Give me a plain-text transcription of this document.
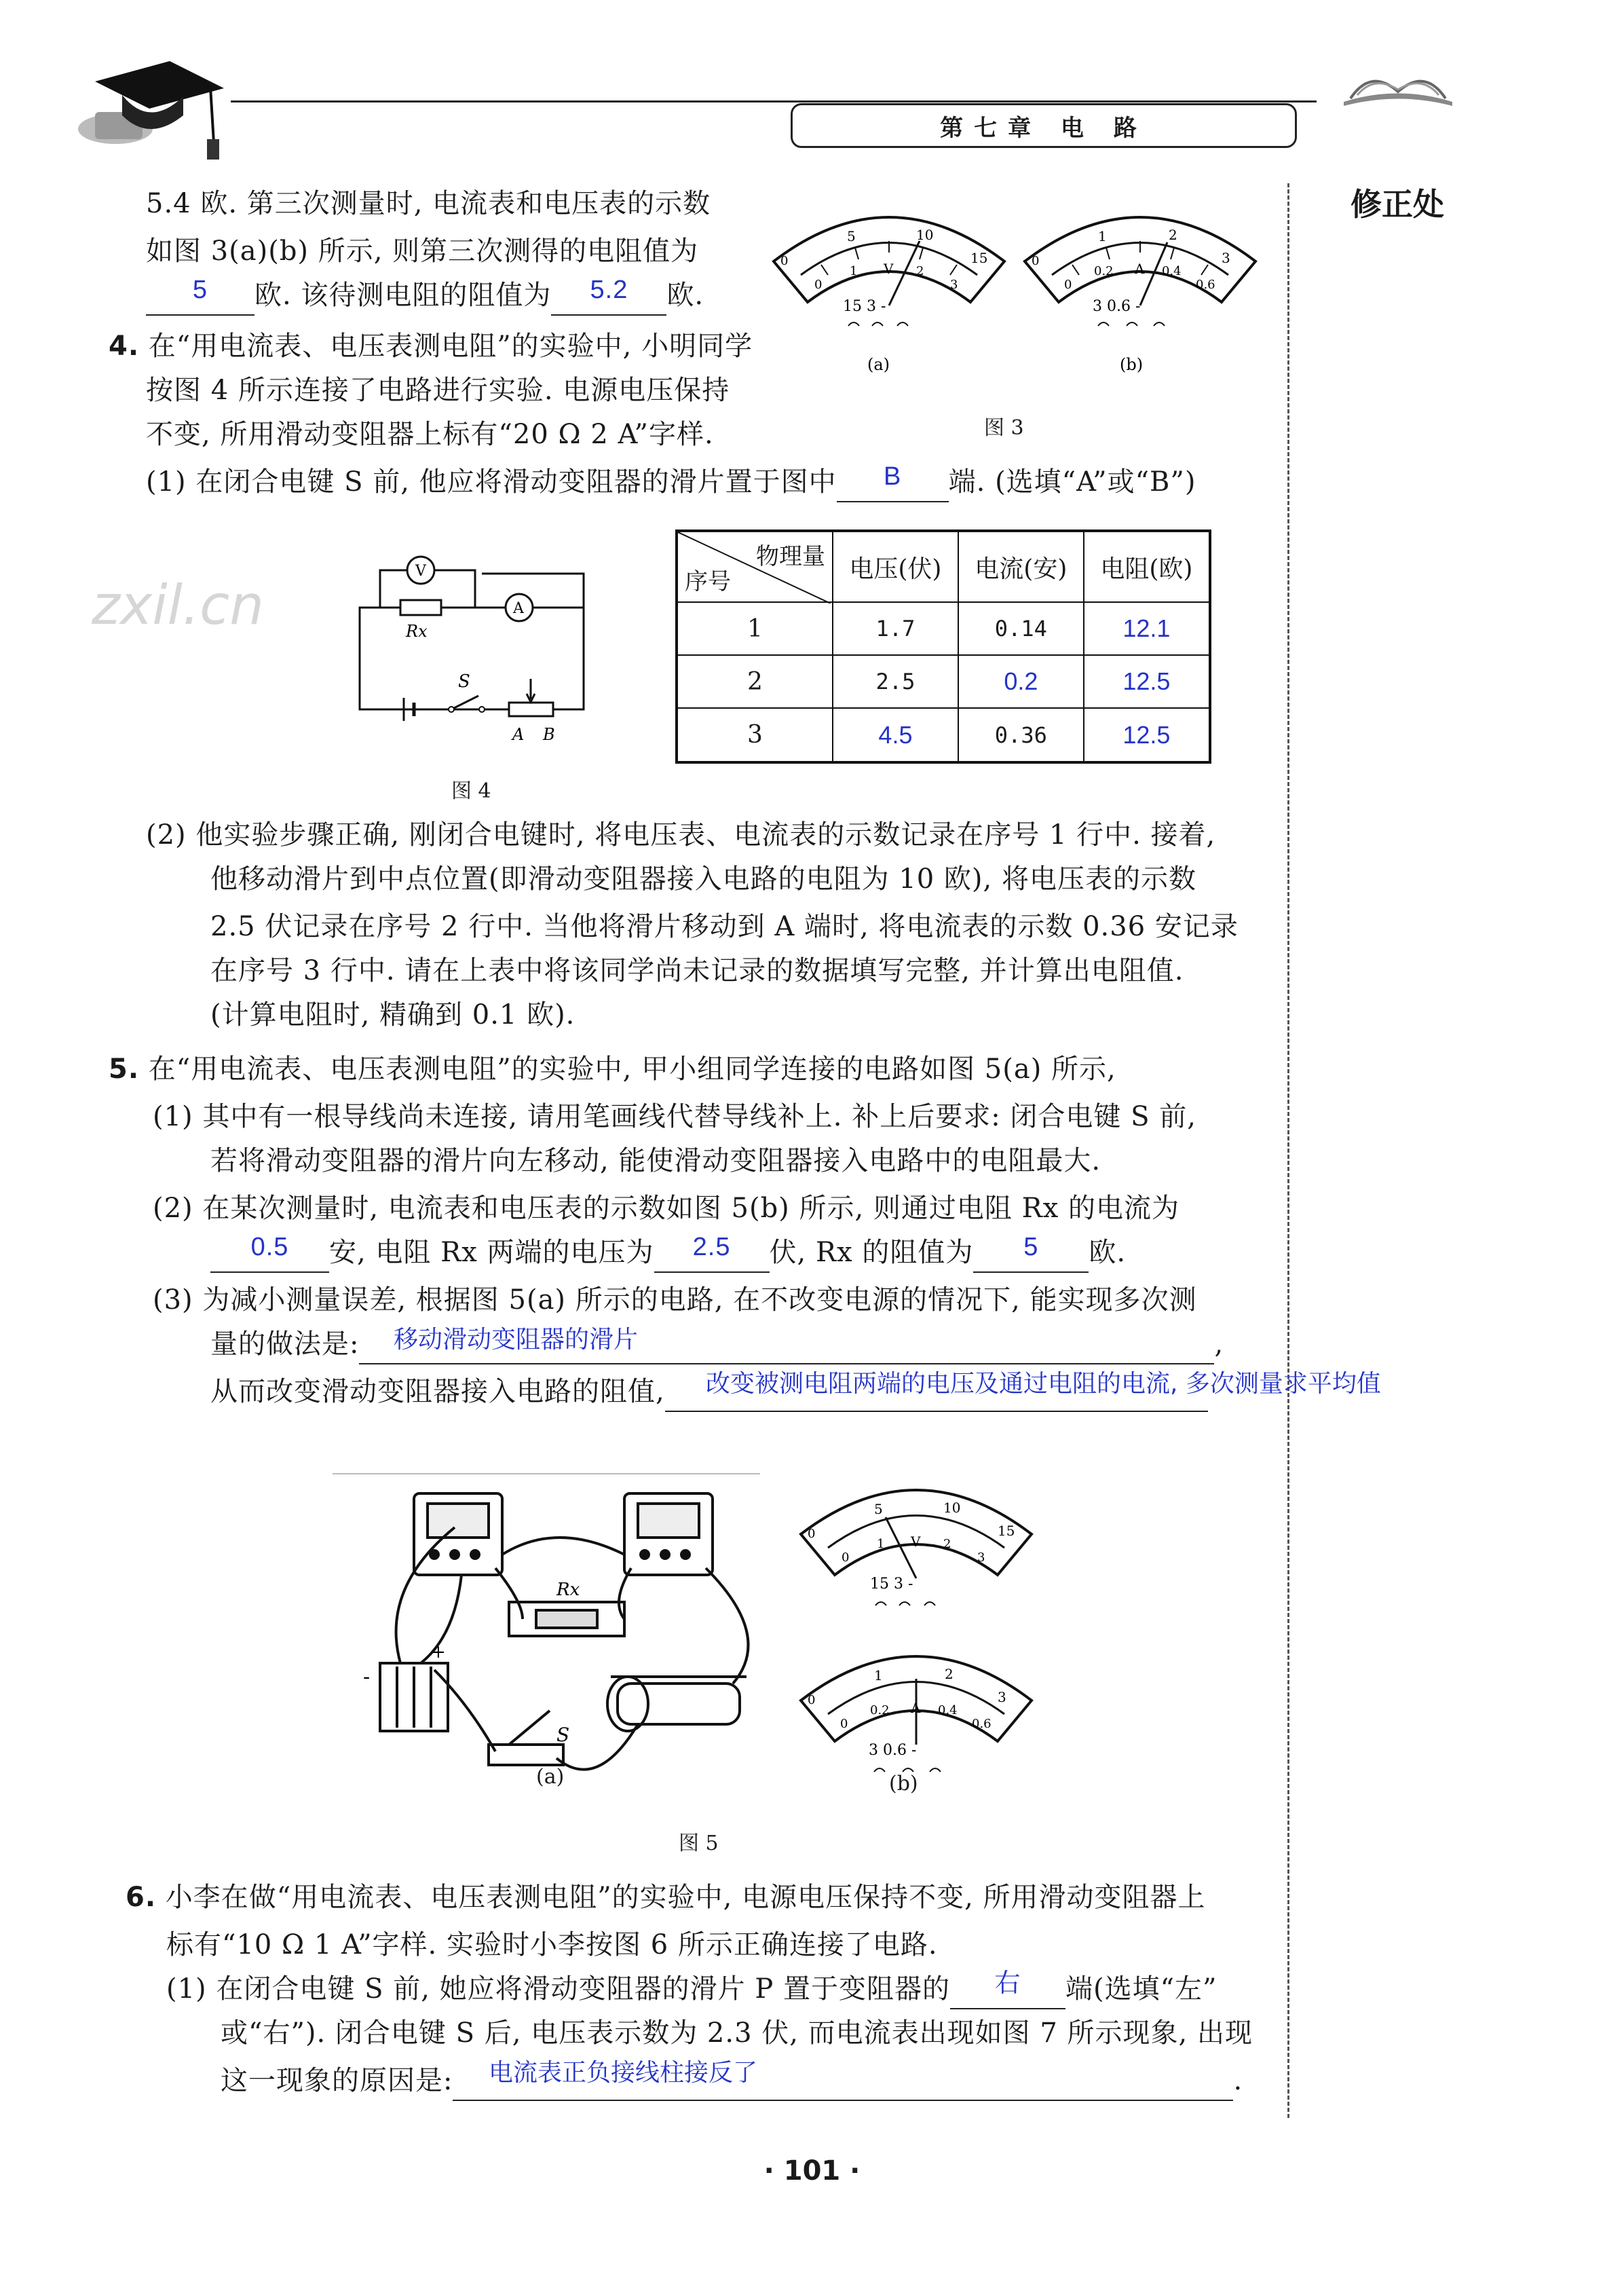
第七章 电 路
修正处
zxil.cn
5.4 欧. 第三次测量时, 电流表和电压表的示数
如图 3(a)(b) 所示, 则第三次测得的电阻值为
5	欧. 该待测电阻的阻值为	5.2	欧.
5	10
15
0
1 V 2
3
0
15 3 -
(a)
1	2
3
0
0.2 A 0.4
0.6
0
3 0.6 -
(b)
图 3
4. 在“用电流表、电压表测电阻”的实验中, 小明同学
按图 4 所示连接了电路进行实验. 电源电压保持
不变, 所用滑动变阻器上标有“20 Ω 2 A”字样.
(1) 在闭合电键 S 前, 他应将滑动变阻器的滑片置于图中	B	端. (选填“A”或“B”)
V
Rx
A
S
A B
图 4
物理量
序号	电压(伏)	电流(安)	电阻(欧)
1	1.7	0.14	12.1
2	2.5	0.2	12.5
3	4.5	0.36	12.5
(2) 他实验步骤正确, 刚闭合电键时, 将电压表、电流表的示数记录在序号 1 行中. 接着,
他移动滑片到中点位置(即滑动变阻器接入电路的电阻为 10 欧), 将电压表的示数
2.5 伏记录在序号 2 行中. 当他将滑片移动到 A 端时, 将电流表的示数 0.36 安记录
在序号 3 行中. 请在上表中将该同学尚未记录的数据填写完整, 并计算出电阻值.
(计算电阻时, 精确到 0.1 欧).
5. 在“用电流表、电压表测电阻”的实验中, 甲小组同学连接的电路如图 5(a) 所示,
(1) 其中有一根导线尚未连接, 请用笔画线代替导线补上. 补上后要求: 闭合电键 S 前,
若将滑动变阻器的滑片向左移动, 能使滑动变阻器接入电路中的电阻最大.
(2) 在某次测量时, 电流表和电压表的示数如图 5(b) 所示, 则通过电阻 Rx 的电流为
0.5	安, 电阻 Rx 两端的电压为	2.5	伏, Rx 的阻值为	5	欧.
(3) 为减小测量误差, 根据图 5(a) 所示的电路, 在不改变电源的情况下, 能实现多次测
量的做法是:	,
移动滑动变阻器的滑片
从而改变滑动变阻器接入电路的阻值,	改变被测电阻两端的电压及通过电阻的电流, 多次测量求平均值
Rx
S
-
+
(a)
5	10
15
0
0
1 V 2
3
15 3 -
1	2
3
0
0
0.2 A 0.4
0.6
3 0.6 -
(b)
图 5
6. 小李在做“用电流表、电压表测电阻”的实验中, 电源电压保持不变, 所用滑动变阻器上
标有“10 Ω 1 A”字样. 实验时小李按图 6 所示正确连接了电路.
(1) 在闭合电键 S 前, 她应将滑动变阻器的滑片 P 置于变阻器的	右	端(选填“左”
或“右”). 闭合电键 S 后, 电压表示数为 2.3 伏, 而电流表出现如图 7 所示现象, 出现
这一现象的原因是:	.
电流表正负接线柱接反了
· 101 ·
